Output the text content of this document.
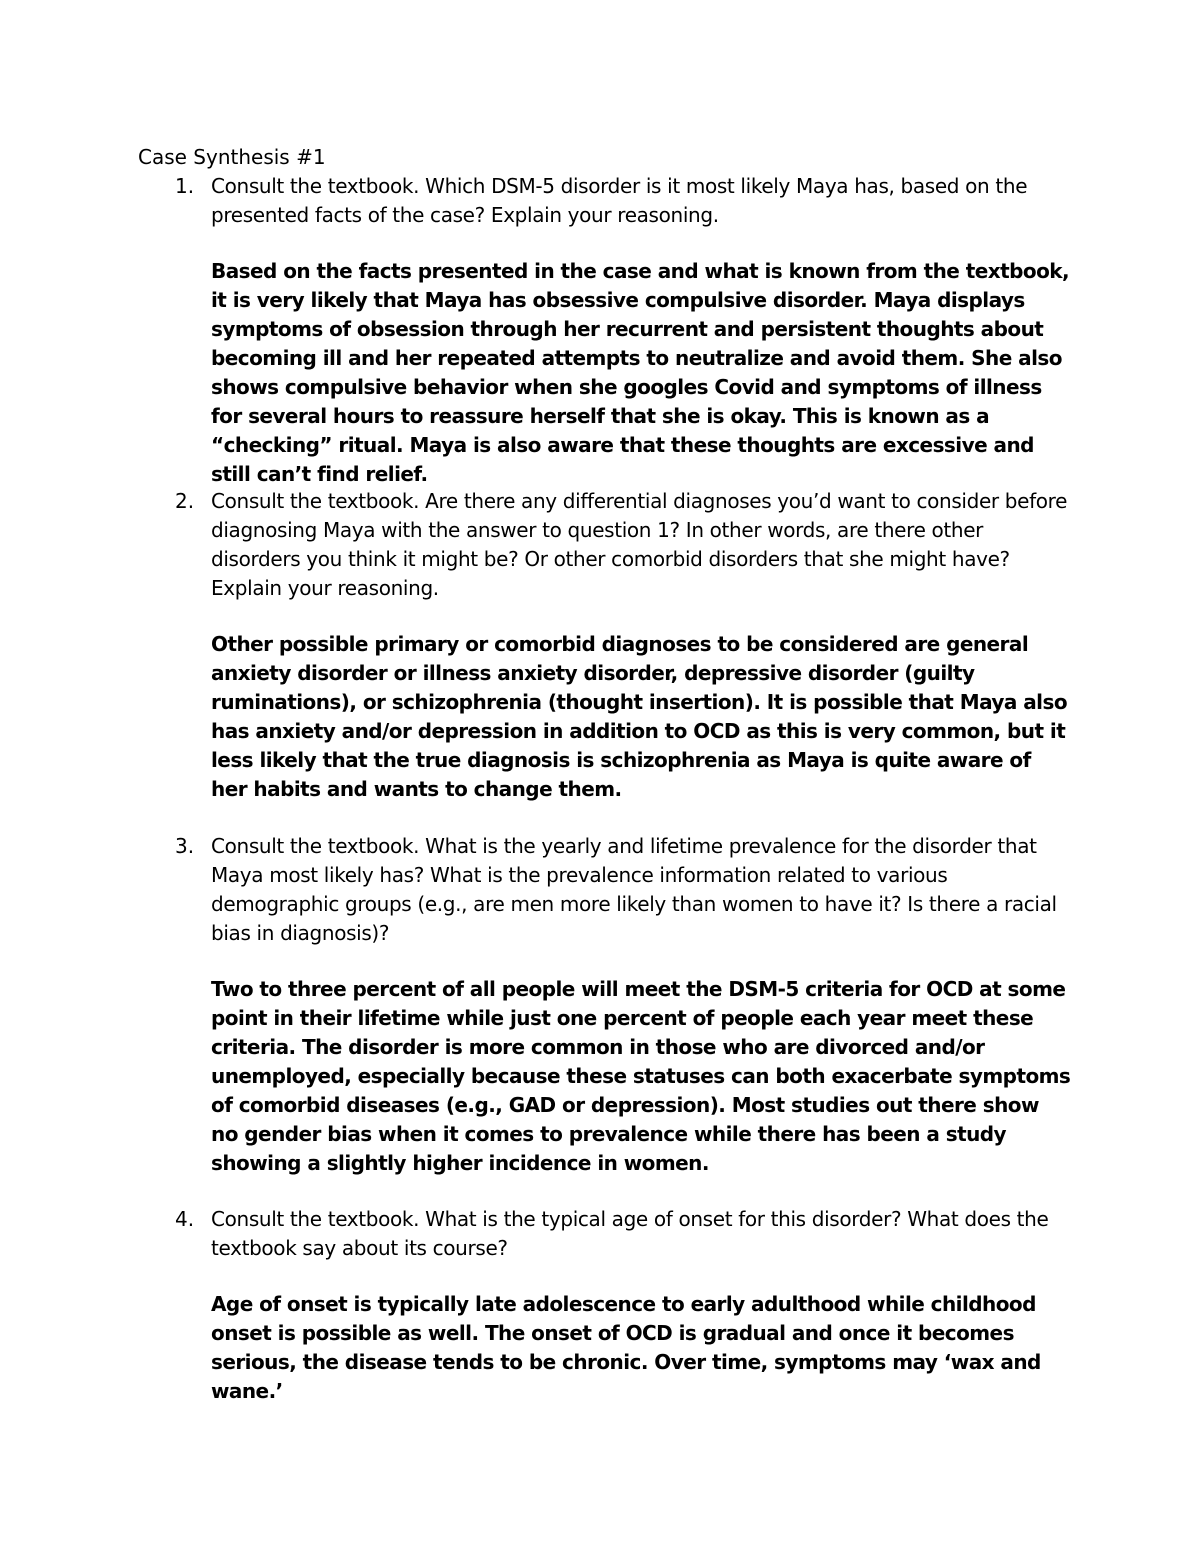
Case Synthesis #1
1. Consult the textbook. Which DSM-5 disorder is it most likely Maya has, based on the presented facts of the case? Explain your reasoning.
Based on the facts presented in the case and what is known from the textbook, it is very likely that Maya has obsessive compulsive disorder. Maya displays symptoms of obsession through her recurrent and persistent thoughts about becoming ill and her repeated attempts to neutralize and avoid them. She also shows compulsive behavior when she googles Covid and symptoms of illness for several hours to reassure herself that she is okay. This is known as a “checking” ritual. Maya is also aware that these thoughts are excessive and still can’t find relief.
2. Consult the textbook. Are there any differential diagnoses you’d want to consider before diagnosing Maya with the answer to question 1? In other words, are there other disorders you think it might be? Or other comorbid disorders that she might have? Explain your reasoning.
Other possible primary or comorbid diagnoses to be considered are general anxiety disorder or illness anxiety disorder, depressive disorder (guilty ruminations), or schizophrenia (thought insertion). It is possible that Maya also has anxiety and/or depression in addition to OCD as this is very common, but it less likely that the true diagnosis is schizophrenia as Maya is quite aware of her habits and wants to change them.
3. Consult the textbook. What is the yearly and lifetime prevalence for the disorder that Maya most likely has? What is the prevalence information related to various demographic groups (e.g., are men more likely than women to have it? Is there a racial bias in diagnosis)?
Two to three percent of all people will meet the DSM-5 criteria for OCD at some point in their lifetime while just one percent of people each year meet these criteria. The disorder is more common in those who are divorced and/or unemployed, especially because these statuses can both exacerbate symptoms of comorbid diseases (e.g., GAD or depression). Most studies out there show no gender bias when it comes to prevalence while there has been a study showing a slightly higher incidence in women.
4. Consult the textbook. What is the typical age of onset for this disorder? What does the textbook say about its course?
Age of onset is typically late adolescence to early adulthood while childhood onset is possible as well. The onset of OCD is gradual and once it becomes serious, the disease tends to be chronic. Over time, symptoms may ‘wax and wane.’
